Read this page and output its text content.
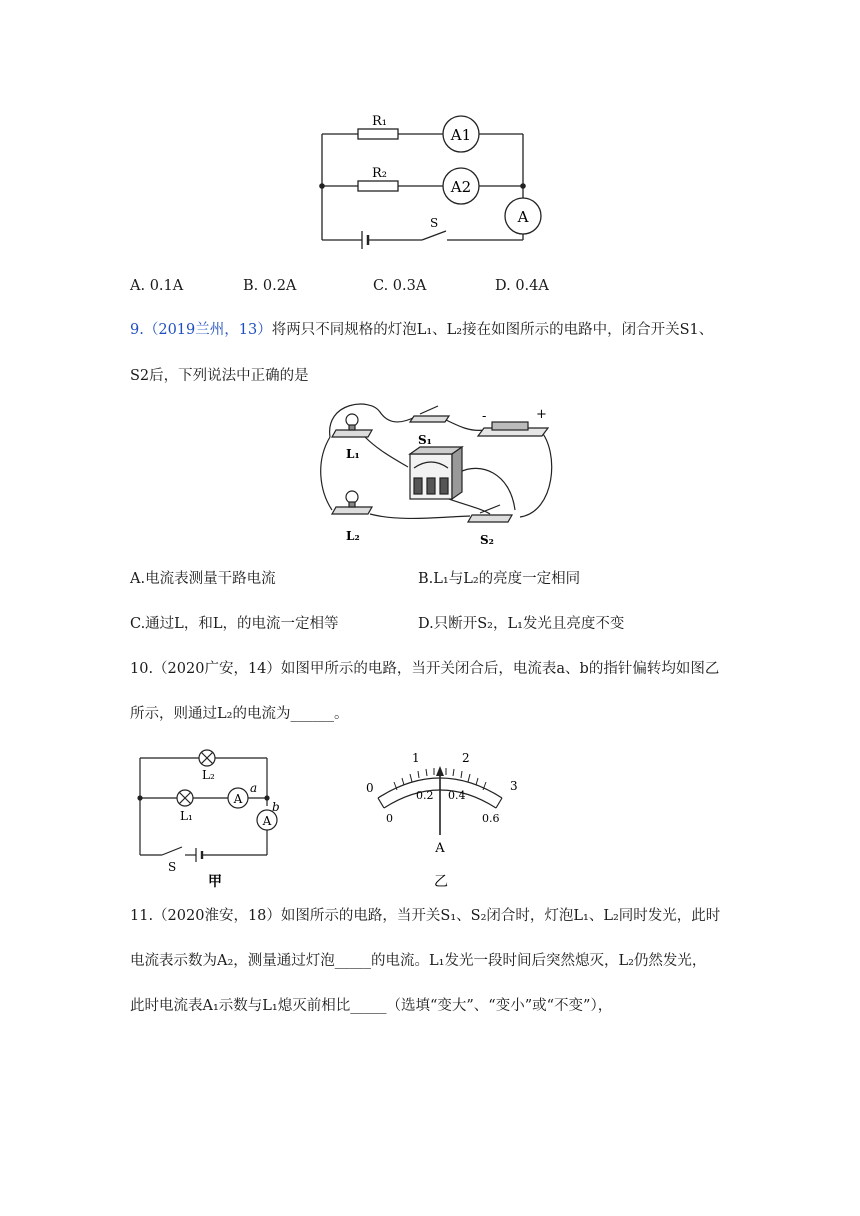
R₁
R₂
A1
A2
A
S
A. 0.1A	B. 0.2A	C. 0.3A	D. 0.4A
9.（2019兰州，13）将两只不同规格的灯泡L₁、L₂接在如图所示的电路中，闭合开关S1、
S2后，下列说法中正确的是
S₁
S₂
L₁
L₂
-	+
A.电流表测量干路电流	B.L₁与L₂的亮度一定相同
C.通过L，和L，的电流一定相等	D.只断开S₂，L₁发光且亮度不变
10.（2020广安，14）如图甲所示的电路，当开关闭合后，电流表a、b的指针偏转均如图乙
所示，则通过L₂的电流为______。
L₂
L₁
A
A
a
b
S
甲
0
1	2
3
0
0.2 0.4
0.6
A
乙
11.（2020淮安，18）如图所示的电路，当开关S₁、S₂闭合时，灯泡L₁、L₂同时发光，此时
电流表示数为A₂，测量通过灯泡_____的电流。L₁发光一段时间后突然熄灭，L₂仍然发光，
此时电流表A₁示数与L₁熄灭前相比_____（选填“变大”、“变小”或“不变”），
